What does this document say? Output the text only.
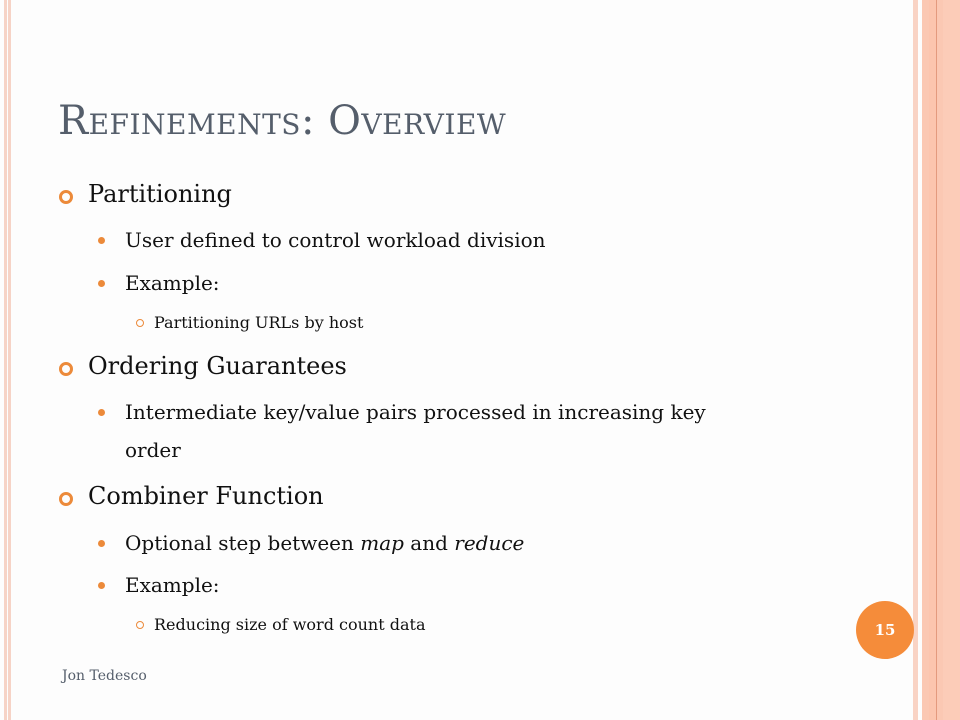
Refinements: Overview
Partitioning
User defined to control workload division
Example:
Partitioning URLs by host
Ordering Guarantees
Intermediate key/value pairs processed in increasing key
order
Combiner Function
Optional step between map and reduce
Example:
Reducing size of word count data	15
Jon Tedesco
